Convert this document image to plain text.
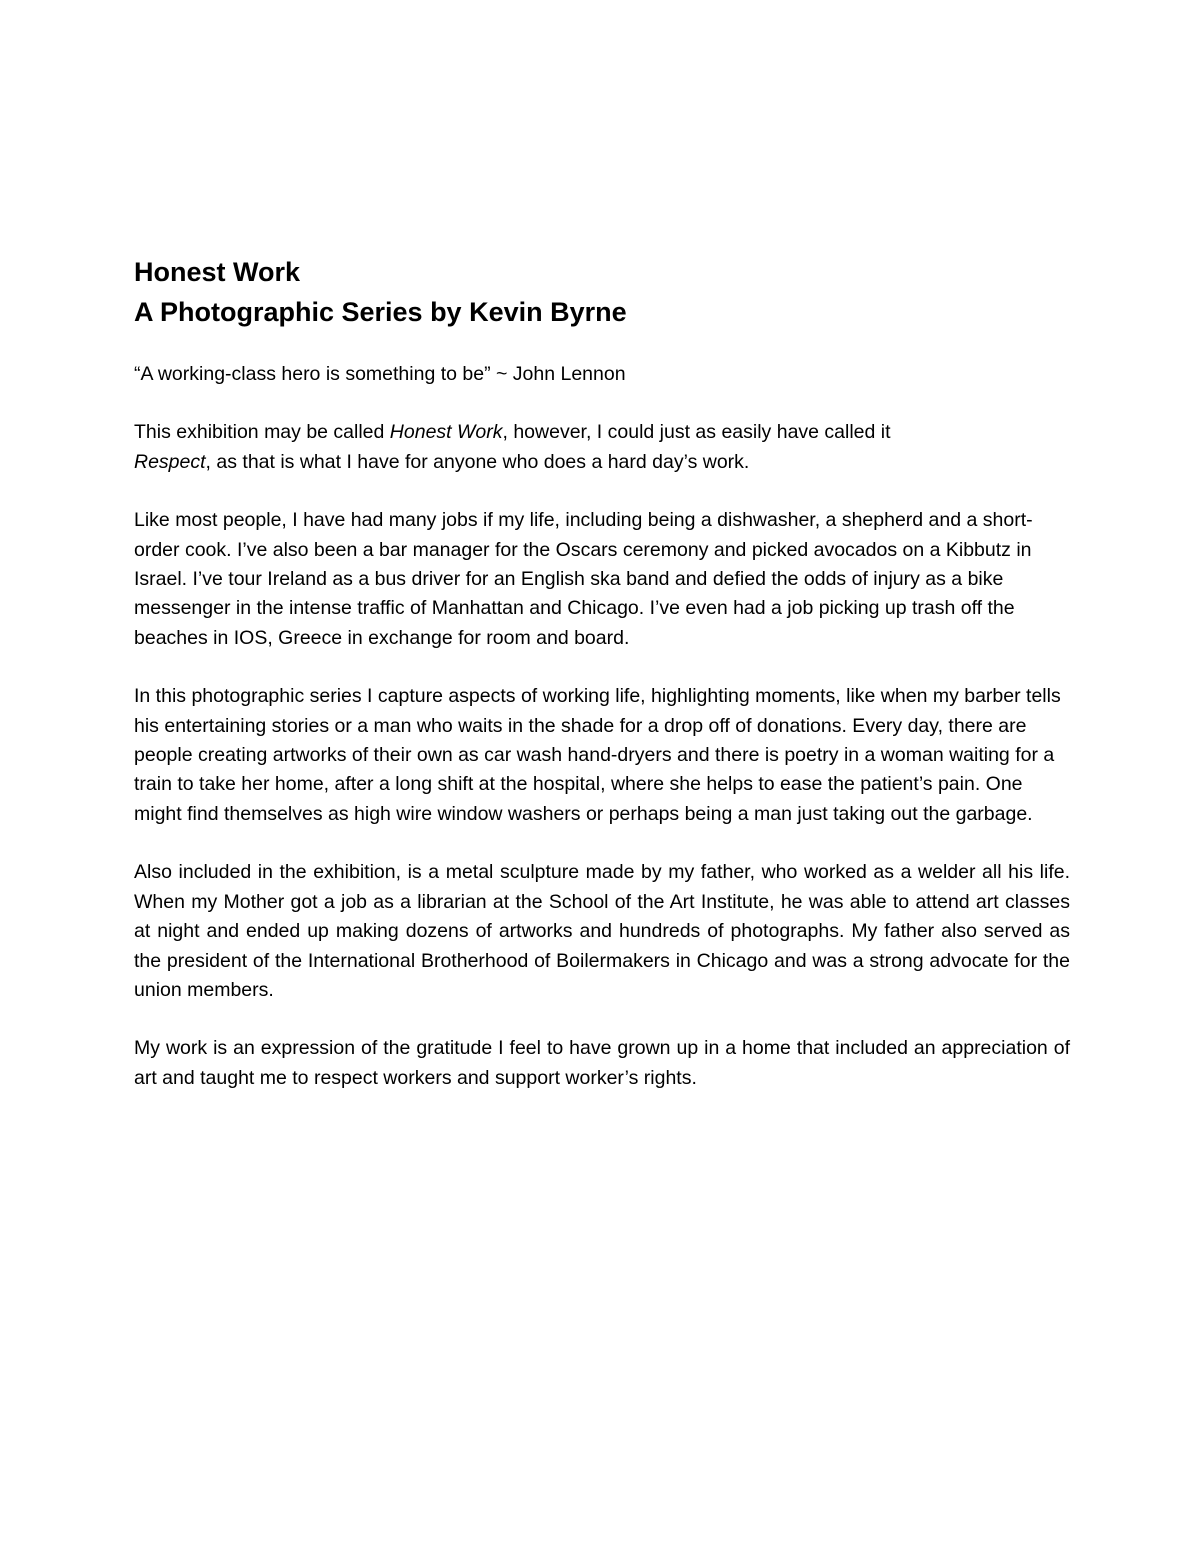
Honest Work
A Photographic Series by Kevin Byrne

“A working-class hero is something to be” ~ John Lennon

This exhibition may be called Honest Work, however, I could just as easily have called it Respect, as that is what I have for anyone who does a hard day’s work.

Like most people, I have had many jobs if my life, including being a dishwasher, a shepherd and a short-order cook. I’ve also been a bar manager for the Oscars ceremony and picked avocados on a Kibbutz in Israel. I’ve tour Ireland as a bus driver for an English ska band and defied the odds of injury as a bike messenger in the intense traffic of Manhattan and Chicago. I’ve even had a job picking up trash off the beaches in IOS, Greece in exchange for room and board.

In this photographic series I capture aspects of working life, highlighting moments, like when my barber tells his entertaining stories or a man who waits in the shade for a drop off of donations. Every day, there are people creating artworks of their own as car wash hand-dryers and there is poetry in a woman waiting for a train to take her home, after a long shift at the hospital, where she helps to ease the patient’s pain. One might find themselves as high wire window washers or perhaps being a man just taking out the garbage.

Also included in the exhibition, is a metal sculpture made by my father, who worked as a welder all his life. When my Mother got a job as a librarian at the School of the Art Institute, he was able to attend art classes at night and ended up making dozens of artworks and hundreds of photographs. My father also served as the president of the International Brotherhood of Boilermakers in Chicago and was a strong advocate for the union members.

My work is an expression of the gratitude I feel to have grown up in a home that included an appreciation of art and taught me to respect workers and support worker’s rights.
